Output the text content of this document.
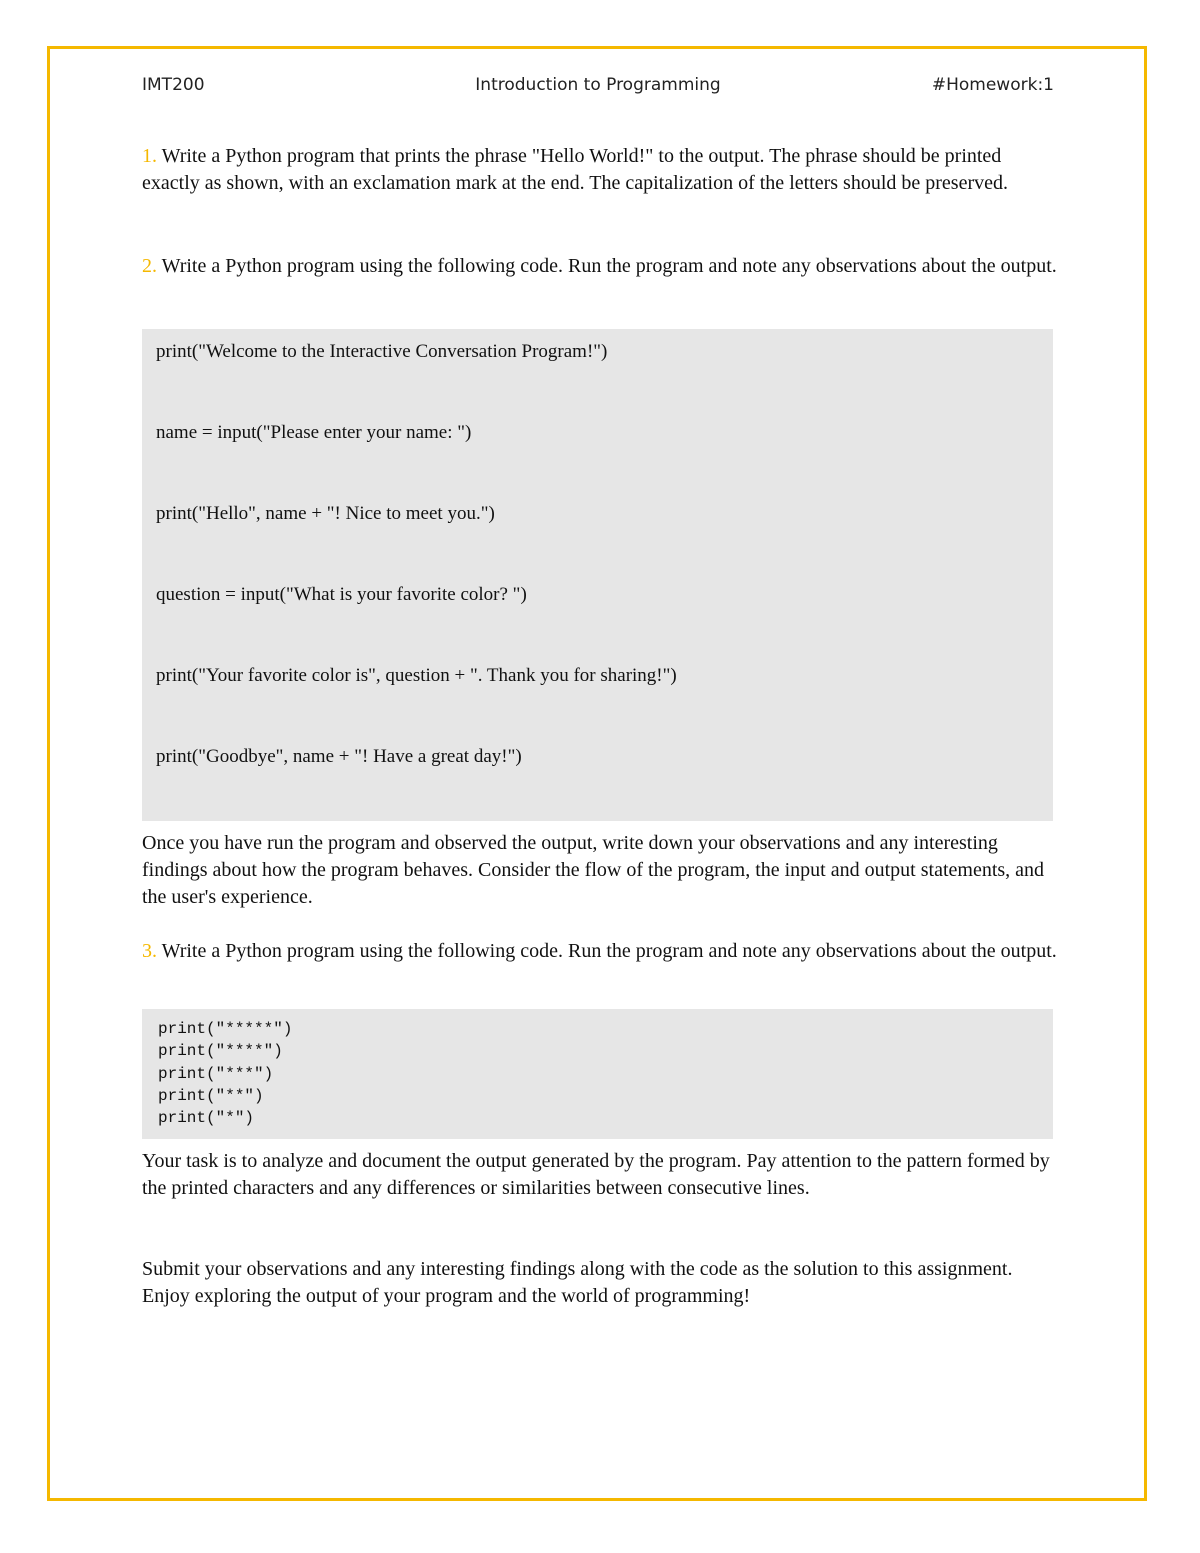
IMT200	Introduction to Programming	#Homework:1

1. Write a Python program that prints the phrase "Hello World!" to the output. The phrase should be printed exactly as shown, with an exclamation mark at the end. The capitalization of the letters should be preserved.

2. Write a Python program using the following code. Run the program and note any observations about the output.

print("Welcome to the Interactive Conversation Program!")
name = input("Please enter your name: ")
print("Hello", name + "! Nice to meet you.")
question = input("What is your favorite color? ")
print("Your favorite color is", question + ". Thank you for sharing!")
print("Goodbye", name + "! Have a great day!")

Once you have run the program and observed the output, write down your observations and any interesting findings about how the program behaves. Consider the flow of the program, the input and output statements, and the user's experience.

3. Write a Python program using the following code. Run the program and note any observations about the output.

print("*****")
print("****")
print("***")
print("**")
print("*")

Your task is to analyze and document the output generated by the program. Pay attention to the pattern formed by the printed characters and any differences or similarities between consecutive lines.

Submit your observations and any interesting findings along with the code as the solution to this assignment. Enjoy exploring the output of your program and the world of programming!
